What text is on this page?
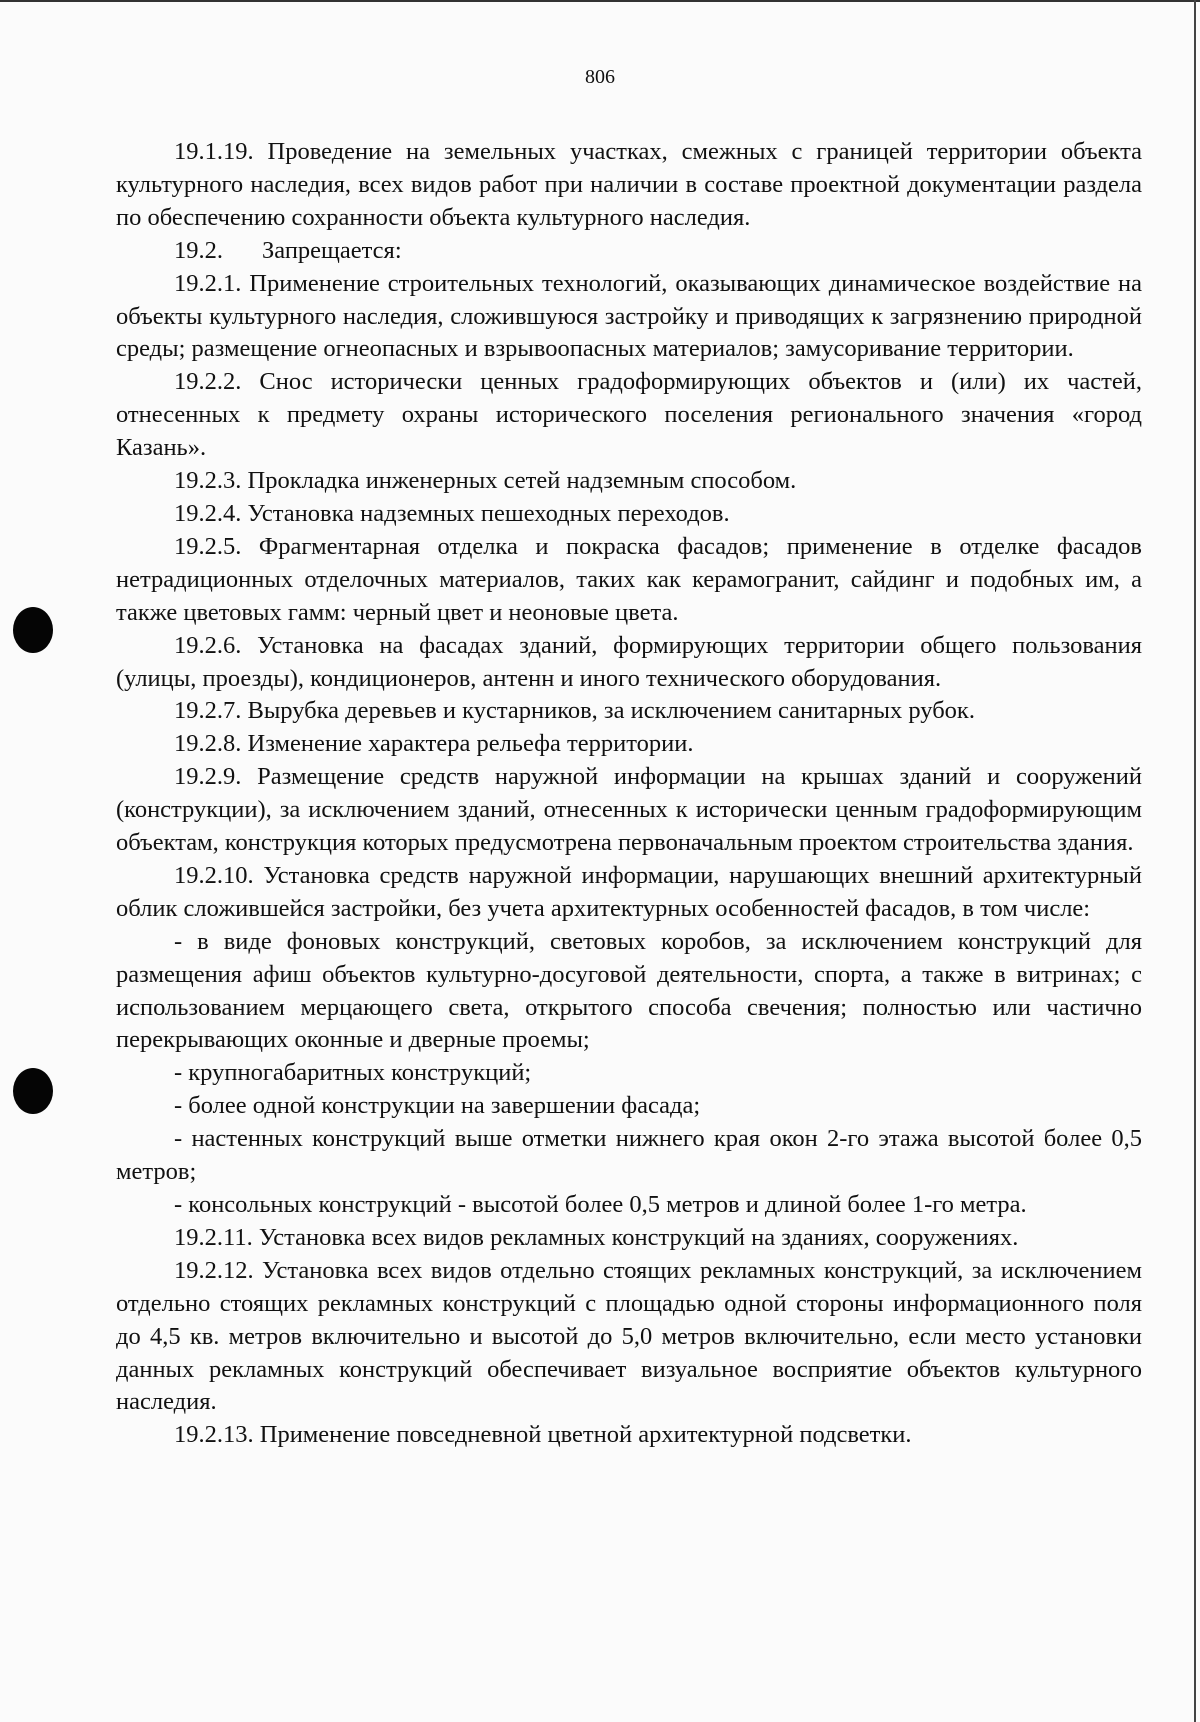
806

19.1.19. Проведение на земельных участках, смежных с границей территории объекта культурного наследия, всех видов работ при наличии в составе проектной документации раздела по обеспечению сохранности объекта культурного наследия.

19.2. Запрещается:

19.2.1. Применение строительных технологий, оказывающих динамическое воздействие на объекты культурного наследия, сложившуюся застройку и приводящих к загрязнению природной среды; размещение огнеопасных и взрывоопасных материалов; замусоривание территории.

19.2.2. Снос исторически ценных градоформирующих объектов и (или) их частей, отнесенных к предмету охраны исторического поселения регионального значения «город Казань».

19.2.3. Прокладка инженерных сетей надземным способом.

19.2.4. Установка надземных пешеходных переходов.

19.2.5. Фрагментарная отделка и покраска фасадов; применение в отделке фасадов нетрадиционных отделочных материалов, таких как керамогранит, сайдинг и подобных им, а также цветовых гамм: черный цвет и неоновые цвета.

19.2.6. Установка на фасадах зданий, формирующих территории общего пользования (улицы, проезды), кондиционеров, антенн и иного технического оборудования.

19.2.7. Вырубка деревьев и кустарников, за исключением санитарных рубок.

19.2.8. Изменение характера рельефа территории.

19.2.9. Размещение средств наружной информации на крышах зданий и сооружений (конструкции), за исключением зданий, отнесенных к исторически ценным градоформирующим объектам, конструкция которых предусмотрена первоначальным проектом строительства здания.

19.2.10. Установка средств наружной информации, нарушающих внешний архитектурный облик сложившейся застройки, без учета архитектурных особенностей фасадов, в том числе:

- в виде фоновых конструкций, световых коробов, за исключением конструкций для размещения афиш объектов культурно-досуговой деятельности, спорта, а также в витринах; с использованием мерцающего света, открытого способа свечения; полностью или частично перекрывающих оконные и дверные проемы;

- крупногабаритных конструкций;

- более одной конструкции на завершении фасада;

- настенных конструкций выше отметки нижнего края окон 2-го этажа высотой более 0,5 метров;

- консольных конструкций - высотой более 0,5 метров и длиной более 1-го метра.

19.2.11. Установка всех видов рекламных конструкций на зданиях, сооружениях.

19.2.12. Установка всех видов отдельно стоящих рекламных конструкций, за исключением отдельно стоящих рекламных конструкций с площадью одной стороны информационного поля до 4,5 кв. метров включительно и высотой до 5,0 метров включительно, если место установки данных рекламных конструкций обеспечивает визуальное восприятие объектов культурного наследия.

19.2.13. Применение повседневной цветной архитектурной подсветки.
